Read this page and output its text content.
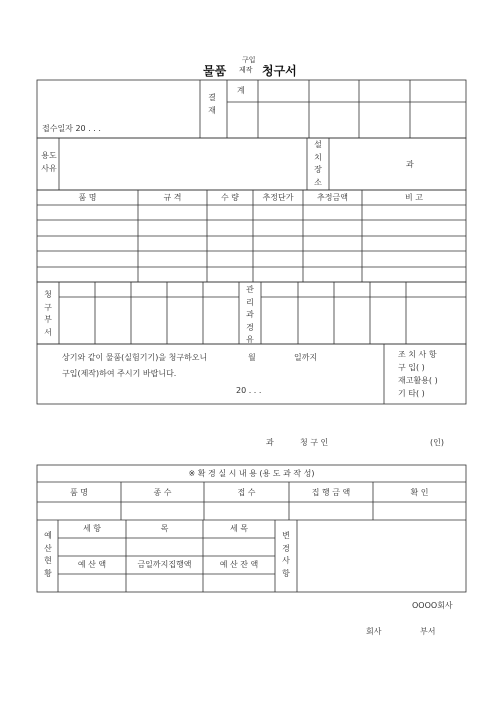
물품
구입
제작 청구서
결
재
계
접수일자 20 . . .
용도
사유
설치장소
과
품 명	규 격	수 량	추정단가	추정금액	비 고
청구부서
관리과경유
상기와 같이 물품(실험기기)을 청구하오니	월	일까지
구입(제작)하여 주시기 바랍니다.
20 . . .
조 치 사 항
구 입( )
재고활용( )
기 타( )
과	청 구 인	(인)
※ 확 경 실 시 내 용 (용 도 과 작 성)
품 명	종 수	접 수	집 행 금 액	확 인
예산현황
세 항	목	세 목
예 산 액	금일까지집행액	예 산 잔 액
변경사항
OOOO회사
회사	부서
